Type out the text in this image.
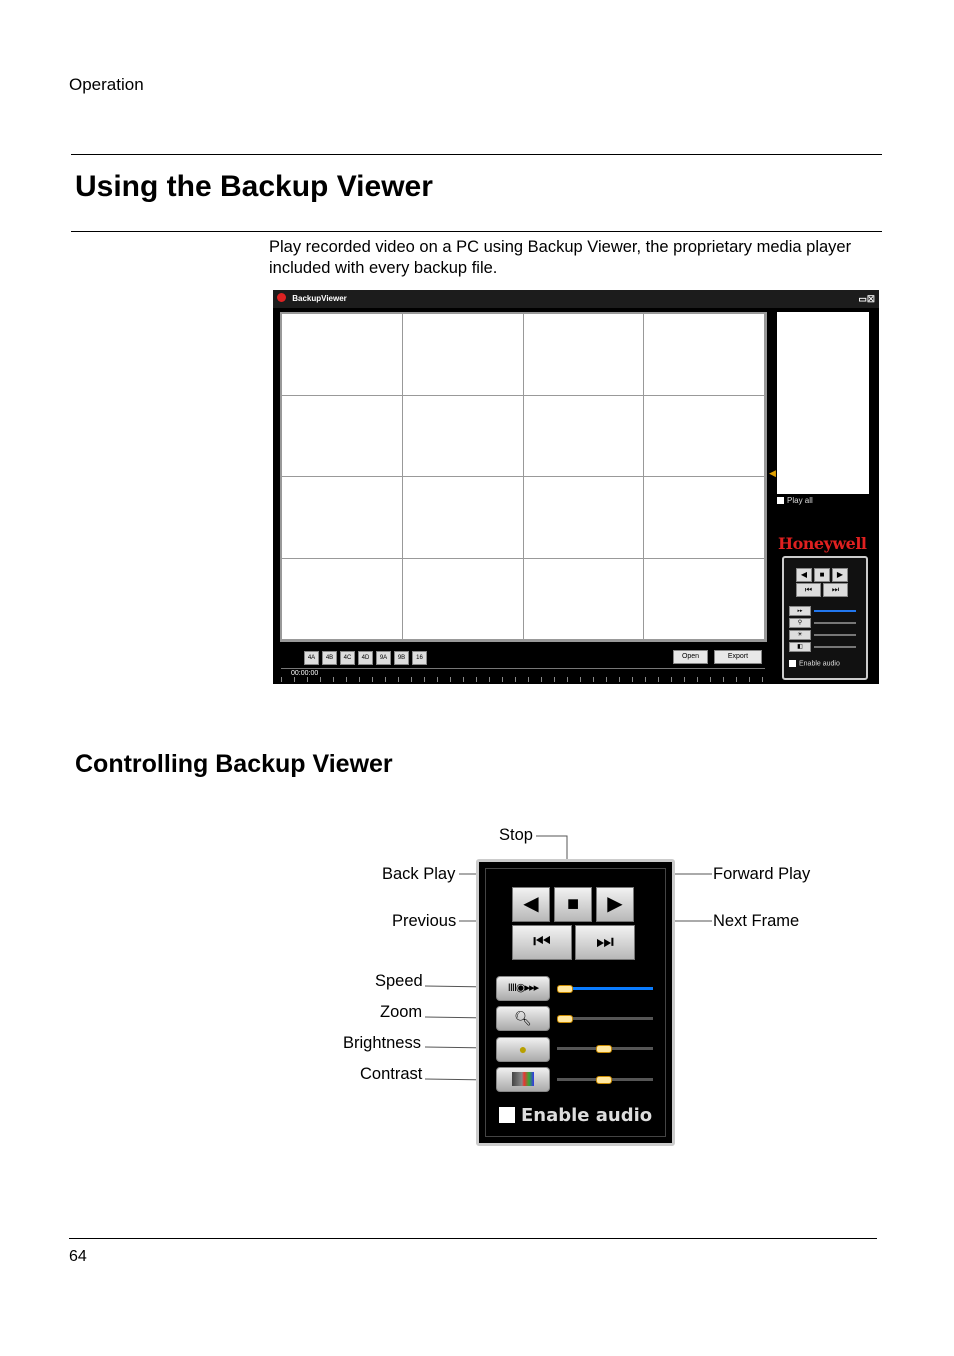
Operation
Using the Backup Viewer
Play recorded video on a PC using Backup Viewer, the proprietary media player included with every backup file.
BackupViewer	▭☒
◀
Play all
Honeywell
◀	■	▶
⏮	⏭
▸▸
⚲
☀
◧
Enable audio
4A	4B	4C	4D	9A	9B	16	Open	Export
00:00:00
Controlling Backup Viewer
◀	■	▶
⏮	⏭
IIII◉▸▸▸
🔍︎
●
Enable audio
Stop
Back Play	Forward Play
Previous	Next Frame
Speed
Zoom
Brightness
Contrast
64
